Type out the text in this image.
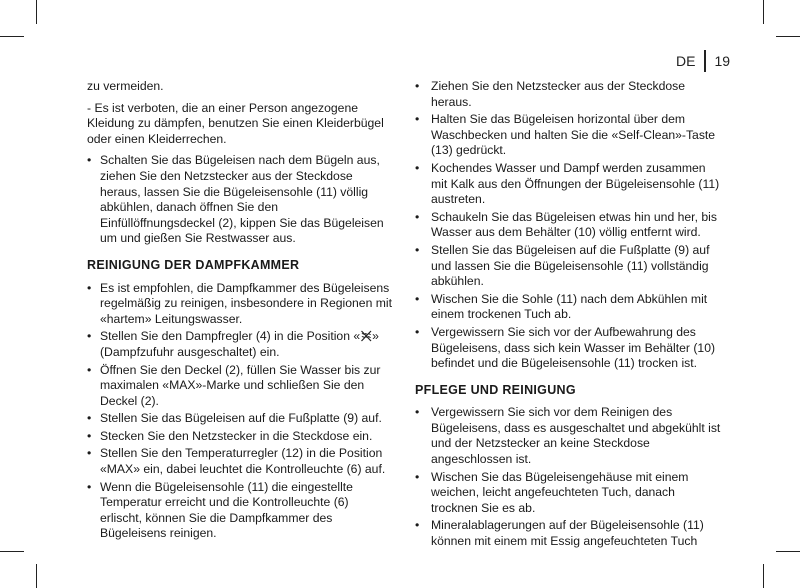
DE 19

zu vermeiden.

- Es ist verboten, die an einer Person angezogene Kleidung zu dämpfen, benutzen Sie einen Kleiderbügel oder einen Kleiderrechen.

• Schalten Sie das Bügeleisen nach dem Bügeln aus, ziehen Sie den Netzstecker aus der Steckdose heraus, lassen Sie die Bügeleisensohle (11) völlig abkühlen, danach öffnen Sie den Einfüllöffnungsdeckel (2), kippen Sie das Bügeleisen um und gießen Sie Restwasser aus.
REINIGUNG DER DAMPFKAMMER
• Es ist empfohlen, die Dampfkammer des Bügeleisens regelmäßig zu reinigen, insbesondere in Regionen mit «hartem» Leitungswasser.
• Stellen Sie den Dampfregler (4) in die Position « » (Dampfzufuhr ausgeschaltet) ein.
• Öffnen Sie den Deckel (2), füllen Sie Wasser bis zur maximalen «MAX»-Marke und schließen Sie den Deckel (2).
• Stellen Sie das Bügeleisen auf die Fußplatte (9) auf.
• Stecken Sie den Netzstecker in die Steckdose ein.
• Stellen Sie den Temperaturregler (12) in die Position «MAX» ein, dabei leuchtet die Kontrolleuchte (6) auf.
• Wenn die Bügeleisensohle (11) die eingestellte Temperatur erreicht und die Kontrolleuchte (6) erlischt, können Sie die Dampfkammer des Bügeleisens reinigen.
• Ziehen Sie den Netzstecker aus der Steckdose heraus.
• Halten Sie das Bügeleisen horizontal über dem Waschbecken und halten Sie die «Self-Clean»-Taste (13) gedrückt.
• Kochendes Wasser und Dampf werden zusammen mit Kalk aus den Öffnungen der Bügeleisensohle (11) austreten.
• Schaukeln Sie das Bügeleisen etwas hin und her, bis Wasser aus dem Behälter (10) völlig entfernt wird.
• Stellen Sie das Bügeleisen auf die Fußplatte (9) auf und lassen Sie die Bügeleisensohle (11) vollständig abkühlen.
• Wischen Sie die Sohle (11) nach dem Abkühlen mit einem trockenen Tuch ab.
• Vergewissern Sie sich vor der Aufbewahrung des Bügeleisens, dass sich kein Wasser im Behälter (10) befindet und die Bügeleisensohle (11) trocken ist.
PFLEGE UND REINIGUNG
• Vergewissern Sie sich vor dem Reinigen des Bügeleisens, dass es ausgeschaltet und abgekühlt ist und der Netzstecker an keine Steckdose angeschlossen ist.
• Wischen Sie das Bügeleisengehäuse mit einem weichen, leicht angefeuchteten Tuch, danach trocknen Sie es ab.
• Mineralablagerungen auf der Bügeleisensohle (11) können mit einem mit Essig angefeuchteten Tuch
